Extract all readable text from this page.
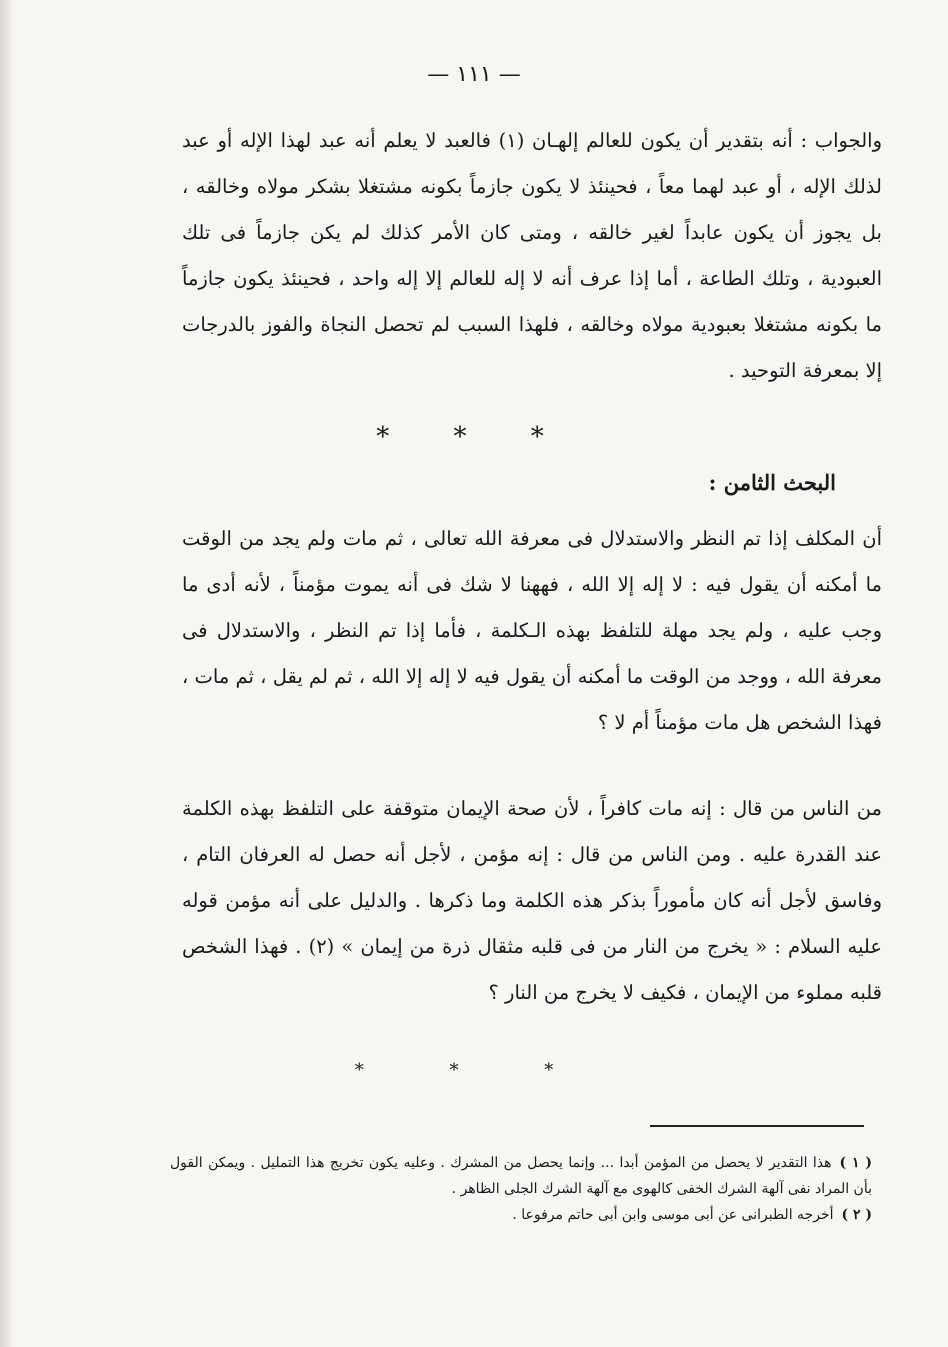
— ١١١ —

والجواب : أنه بتقدير أن يكون للعالم إلهـان (١) فالعبد لا يعلم أنه عبد لهذا الإله أو عبد لذلك الإله ، أو عبد لهما معاً ، فحينئذ لا يكون جازماً بكونه مشتغلا بشكر مولاه وخالقه ، بل يجوز أن يكون عابداً لغير خالقه ، ومتى كان الأمر كذلك لم يكن جازماً فى تلك العبودية ، وتلك الطاعة ، أما إذا عرف أنه لا إله للعالم إلا إله واحد ، فحينئذ يكون جازماً ما بكونه مشتغلا بعبودية مولاه وخالقه ، فلهذا السبب لم تحصل النجاة والفوز بالدرجات إلا بمعرفة التوحيد .

* * *
البحث الثامن :

أن المكلف إذا تم النظر والاستدلال فى معرفة الله تعالى ، ثم مات ولم يجد من الوقت ما أمكنه أن يقول فيه : لا إله إلا الله ، فههنا لا شك فى أنه يموت مؤمناً ، لأنه أدى ما وجب عليه ، ولم يجد مهلة للتلفظ بهذه الـكلمة ، فأما إذا تم النظر ، والاستدلال فى معرفة الله ، ووجد من الوقت ما أمكنه أن يقول فيه لا إله إلا الله ، ثم لم يقل ، ثم مات ، فهذا الشخص هل مات مؤمناً أم لا ؟

من الناس من قال : إنه مات كافراً ، لأن صحة الإيمان متوقفة على التلفظ بهذه الكلمة عند القدرة عليه . ومن الناس من قال : إنه مؤمن ، لأجل أنه حصل له العرفان التام ، وفاسق لأجل أنه كان مأموراً بذكر هذه الكلمة وما ذكرها . والدليل على أنه مؤمن قوله عليه السلام : « يخرج من النار من فى قلبه مثقال ذرة من إيمان » (٢) . فهذا الشخص قلبه مملوء من الإيمان ، فكيف لا يخرج من النار ؟

* * *

( ١ )هذا التقدير لا يحصل من المؤمن أبدا ... وإنما يحصل من المشرك . وعليه يكون تخريج هذا التمليل . ويمكن القول بأن المراد نفى آلهة الشرك الخفى كالهوى مع آلهة الشرك الجلى الظاهر .

( ٢ )أخرجه الطبرانى عن أبى موسى وابن أبى حاتم مرفوعا .
